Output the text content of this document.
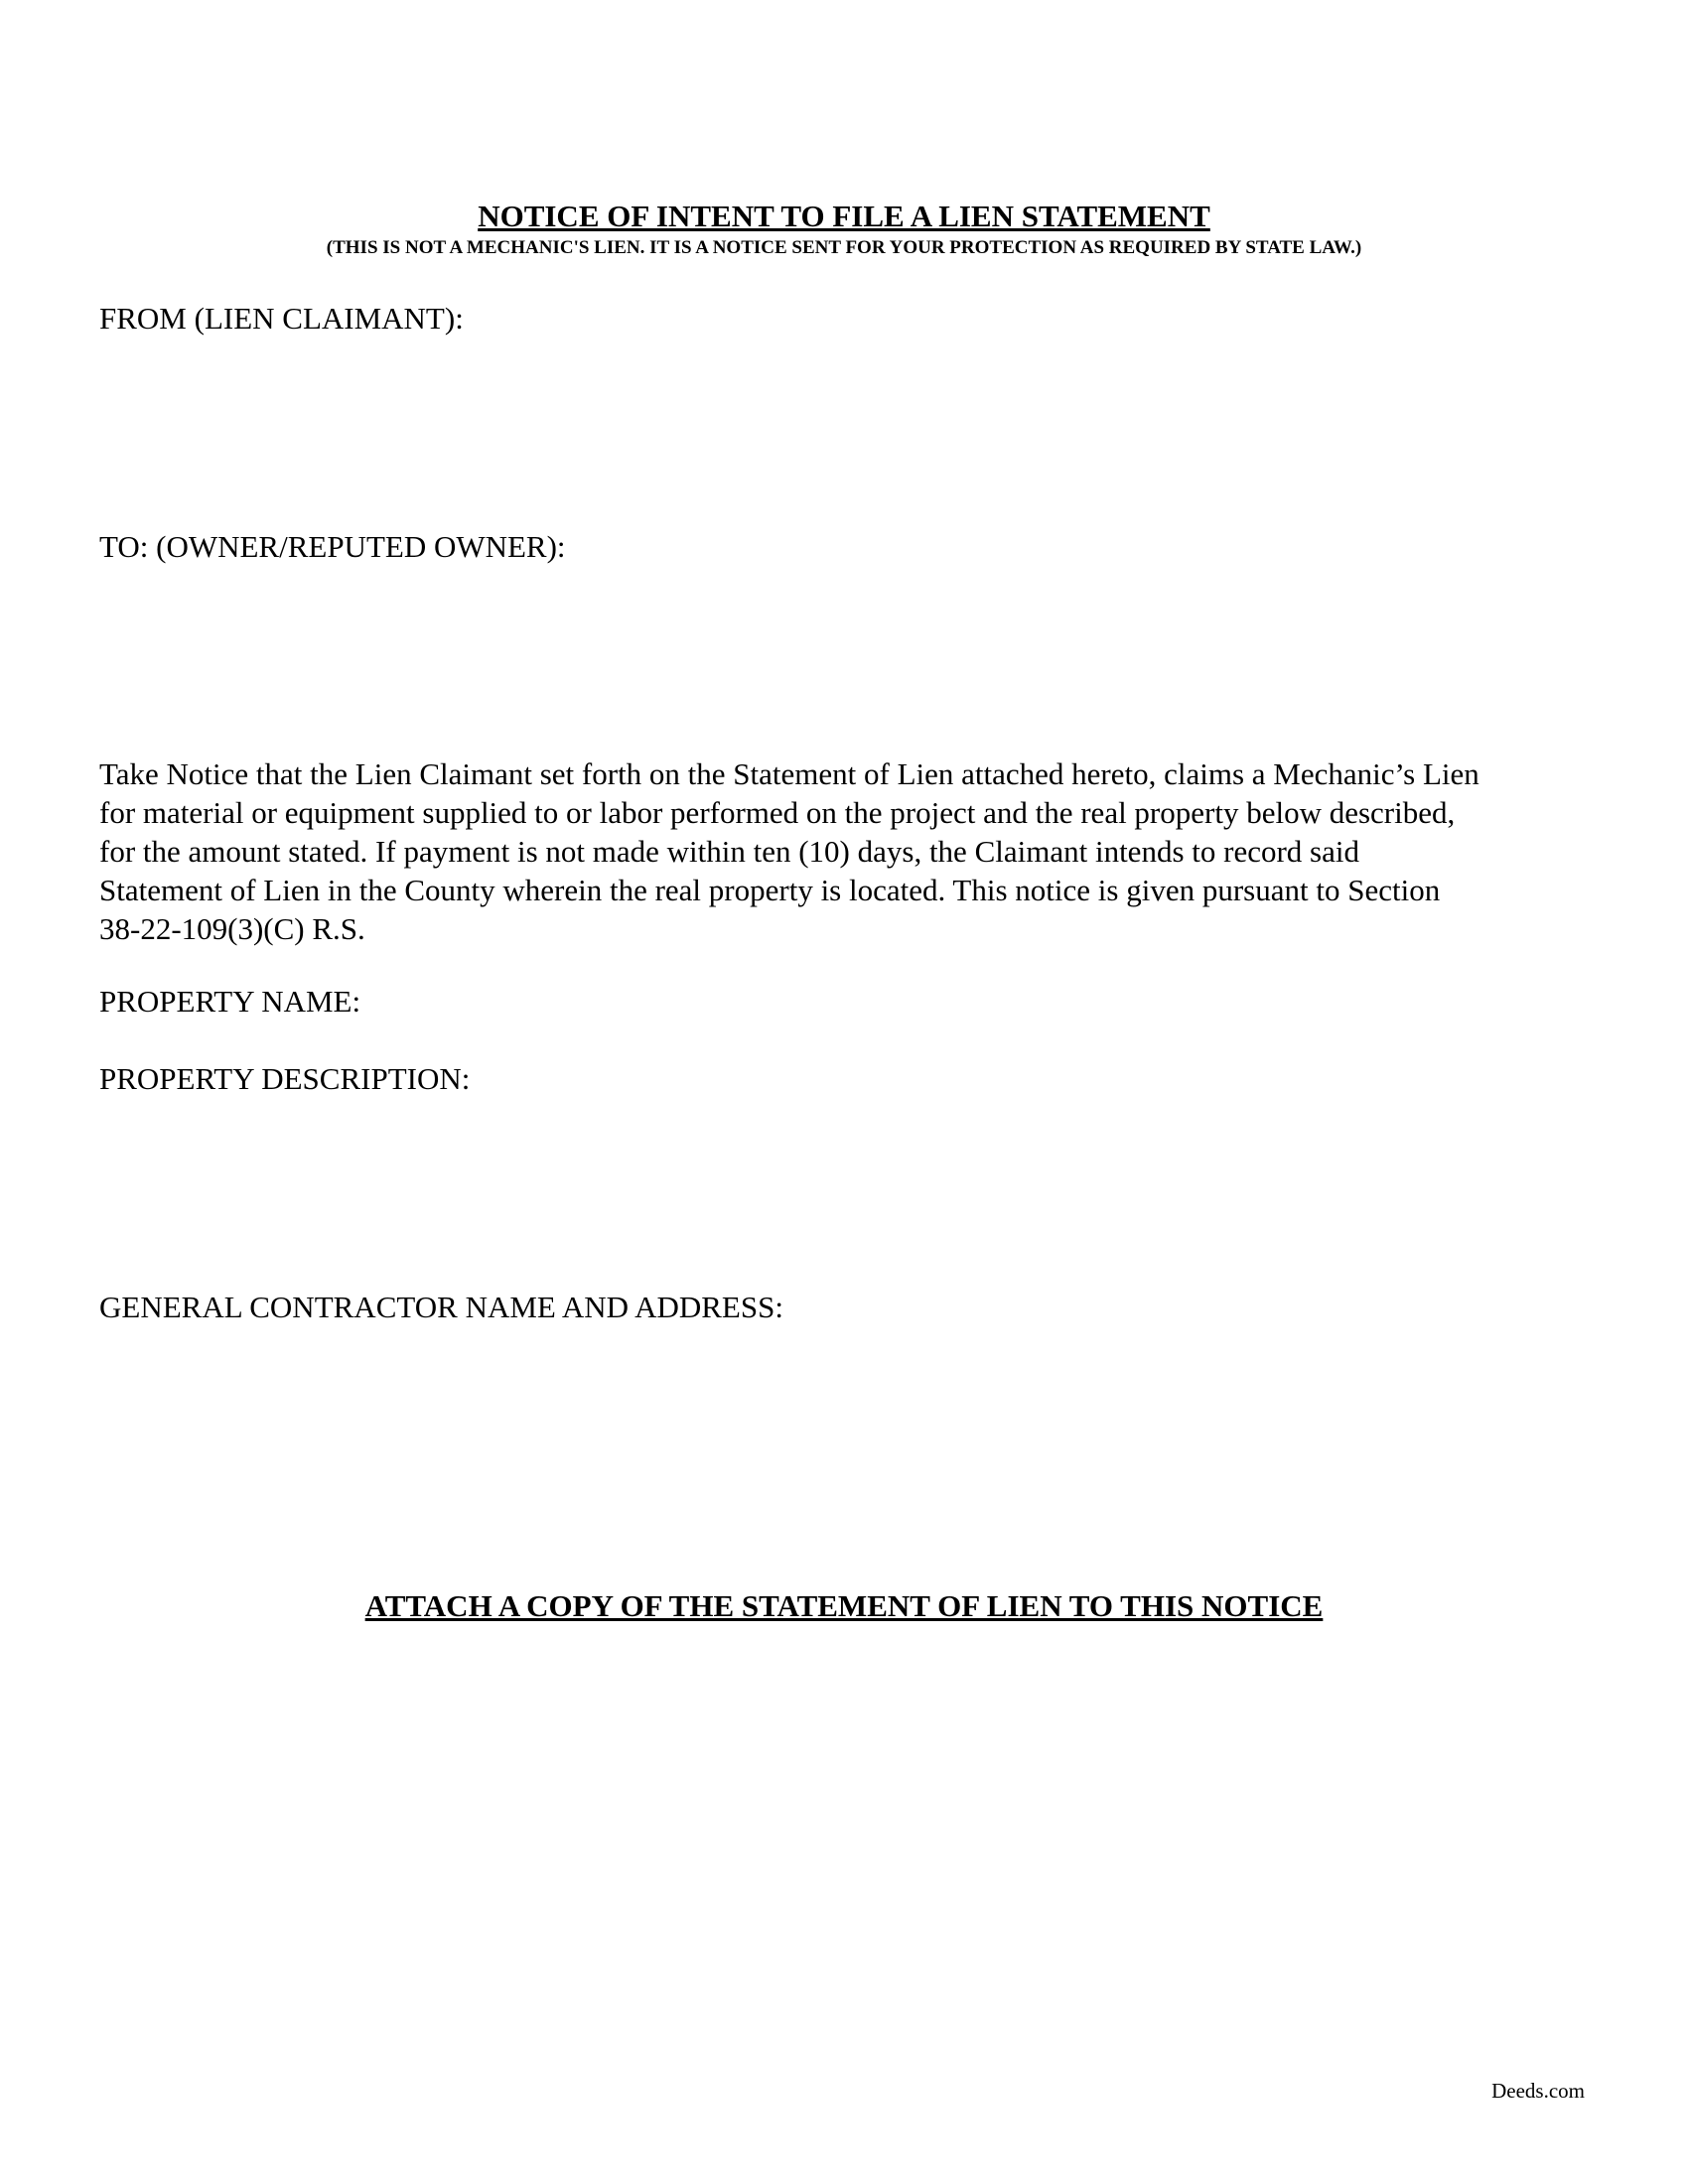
NOTICE OF INTENT TO FILE A LIEN STATEMENT
(THIS IS NOT A MECHANIC'S LIEN. IT IS A NOTICE SENT FOR YOUR PROTECTION AS REQUIRED BY STATE LAW.)
FROM (LIEN CLAIMANT):
TO: (OWNER/REPUTED OWNER):
Take Notice that the Lien Claimant set forth on the Statement of Lien attached hereto, claims a Mechanic’s Lien
for material or equipment supplied to or labor performed on the project and the real property below described,
for the amount stated. If payment is not made within ten (10) days, the Claimant intends to record said
Statement of Lien in the County wherein the real property is located. This notice is given pursuant to Section
38-22-109(3)(C) R.S.
PROPERTY NAME:
PROPERTY DESCRIPTION:
GENERAL CONTRACTOR NAME AND ADDRESS:
ATTACH A COPY OF THE STATEMENT OF LIEN TO THIS NOTICE
Deeds.com
